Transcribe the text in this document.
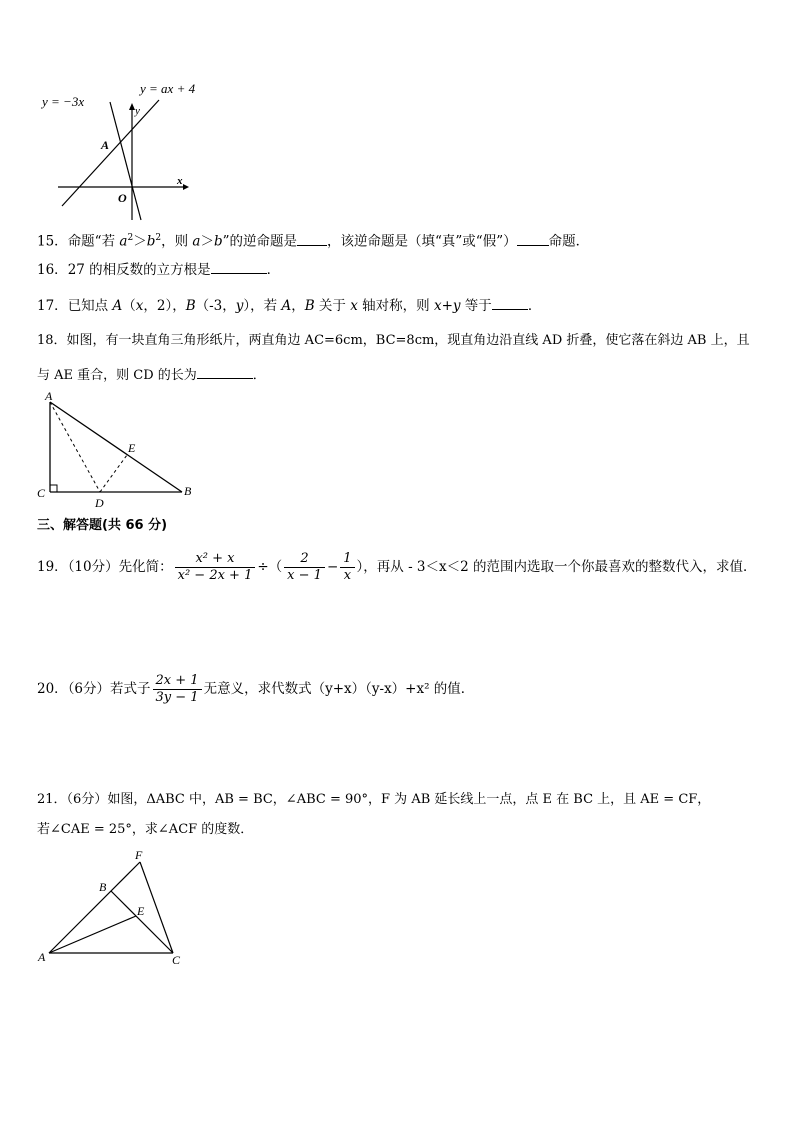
y = −3x
y = ax + 4
y
x
A
O
15．命题“若 $a^2>b^2$，则 a＞b”的逆命题是 ，该逆命题是（填“真”或“假”） 命题．
16．27 的相反数的立方根是	．
17．已知点 A（x，2），B（-3，y），若 A，B 关于 x 轴对称，则 x+y 等于	．
18．如图，有一块直角三角形纸片，两直角边 AC=6cm，BC=8cm，现直角边沿直线 AD 折叠，使它落在斜边 AB 上，且
与 AE 重合，则 CD 的长为	．
A
C
D
B
E
三、解答题(共 66 分)
19．（10分）先化简： $\frac{\text{x² + x}}{\text{x² − 2x + 1}}$ ÷（ $\frac{2}{x - 1} - \frac{1}{x}$ ），再从 - 3＜x＜2 的范围内选取一个你最喜欢的整数代入，求值．
20．（6分）若式子 $\frac{2x + 1}{3y - 1}$ 无意义，求代数式（y+x）（y-x）+x² 的值．
21．（6分）如图，ΔABC 中，AB = BC，∠ABC = 90°，F 为 AB 延长线上一点，点 E 在 BC 上，且 AE = CF，
若∠CAE = 25°，求∠ACF 的度数．
F
B
E
A	C
